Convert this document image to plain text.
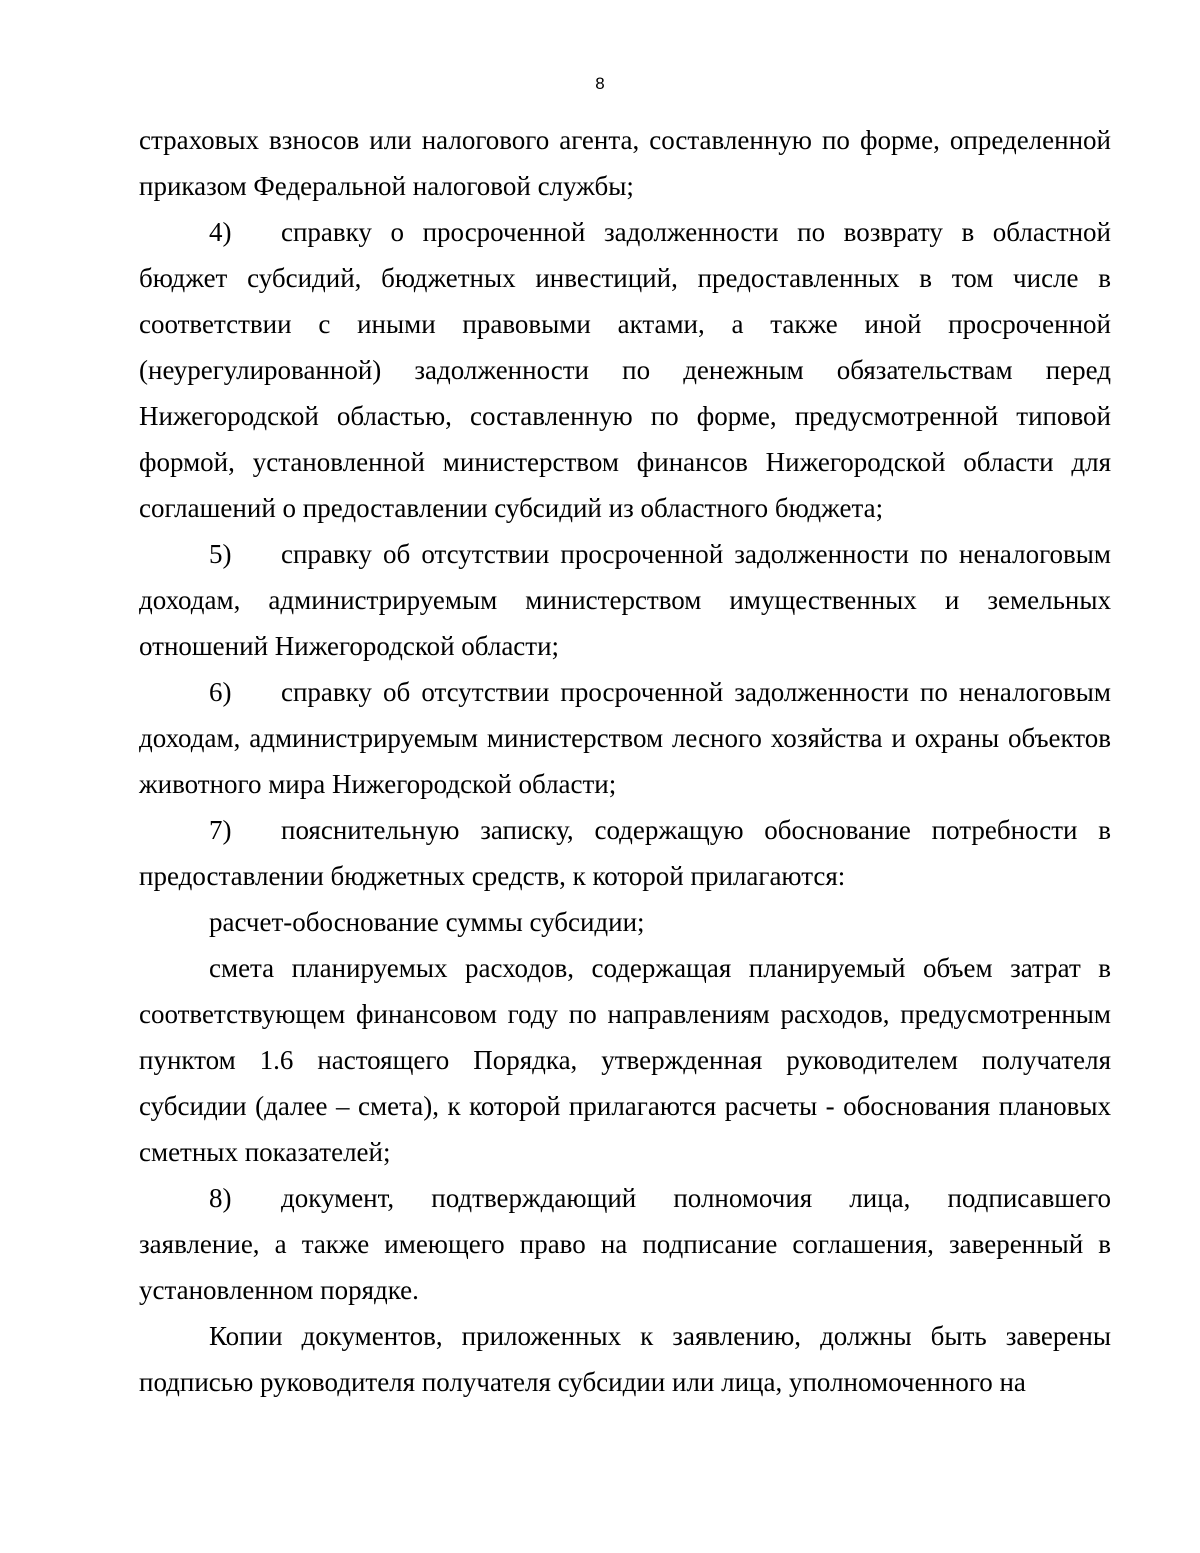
8

страховых взносов или налогового агента, составленную по форме, определенной приказом Федеральной налоговой службы;

4) справку о просроченной задолженности по возврату в областной бюджет субсидий, бюджетных инвестиций, предоставленных в том числе в соответствии с иными правовыми актами, а также иной просроченной (неурегулированной) задолженности по денежным обязательствам перед Нижегородской областью, составленную по форме, предусмотренной типовой формой, установленной министерством финансов Нижегородской области для соглашений о предоставлении субсидий из областного бюджета;

5) справку об отсутствии просроченной задолженности по неналоговым доходам, администрируемым министерством имущественных и земельных отношений Нижегородской области;

6) справку об отсутствии просроченной задолженности по неналоговым доходам, администрируемым министерством лесного хозяйства и охраны объектов животного мира Нижегородской области;

7) пояснительную записку, содержащую обоснование потребности в предоставлении бюджетных средств, к которой прилагаются:

расчет-обоснование суммы субсидии;

смета планируемых расходов, содержащая планируемый объем затрат в соответствующем финансовом году по направлениям расходов, предусмотренным пунктом 1.6 настоящего Порядка, утвержденная руководителем получателя субсидии (далее – смета), к которой прилагаются расчеты - обоснования плановых сметных показателей;

8) документ, подтверждающий полномочия лица, подписавшего заявление, а также имеющего право на подписание соглашения, заверенный в установленном порядке.

Копии документов, приложенных к заявлению, должны быть заверены подписью руководителя получателя субсидии или лица, уполномоченного на
